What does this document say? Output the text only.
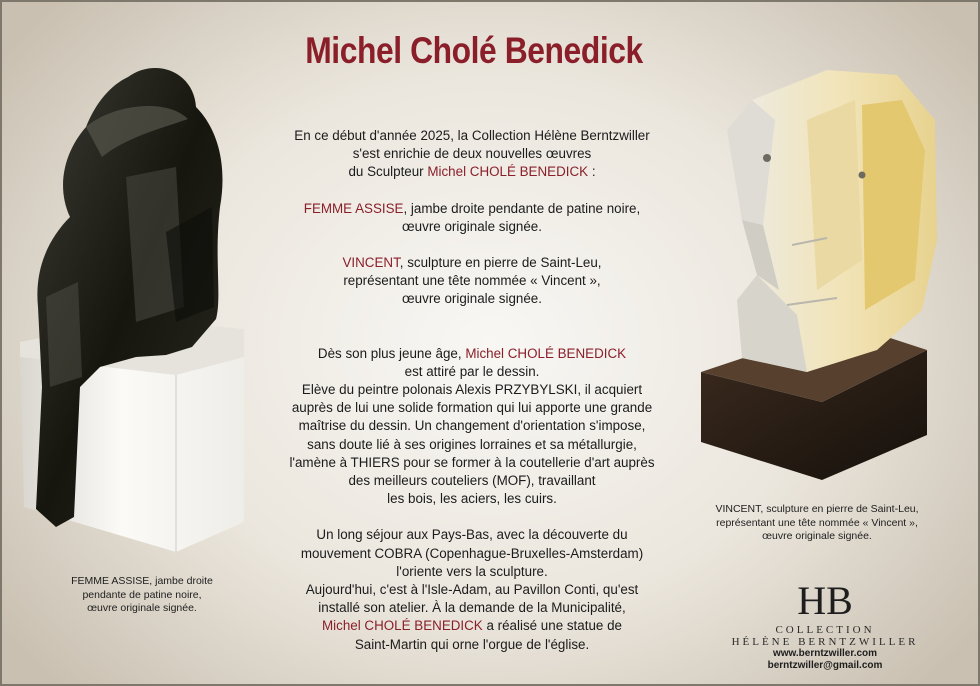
Michel Cholé Benedick

En ce début d'année 2025, la Collection Hélène Berntzwiller
s'est enrichie de deux nouvelles œuvres
du Sculpteur Michel CHOLÉ BENEDICK :

FEMME ASSISE, jambe droite pendante de patine noire,
œuvre originale signée.

VINCENT, sculpture en pierre de Saint-Leu,
représentant une tête nommée « Vincent »,
œuvre originale signée.

Dès son plus jeune âge, Michel CHOLÉ BENEDICK
est attiré par le dessin.
Elève du peintre polonais Alexis PRZYBYLSKI, il acquiert
auprès de lui une solide formation qui lui apporte une grande
maîtrise du dessin. Un changement d'orientation s'impose,
sans doute lié à ses origines lorraines et sa métallurgie,
l'amène à THIERS pour se former à la coutellerie d'art auprès
des meilleurs couteliers (MOF), travaillant
les bois, les aciers, les cuirs.

Un long séjour aux Pays-Bas, avec la découverte du
mouvement COBRA (Copenhague-Bruxelles-Amsterdam)
l'oriente vers la sculpture.
Aujourd'hui, c'est à l'Isle-Adam, au Pavillon Conti, qu'est
installé son atelier. À la demande de la Municipalité,
Michel CHOLÉ BENEDICK a réalisé une statue de
Saint-Martin qui orne l'orgue de l'église.

FEMME ASSISE, jambe droite
pendante de patine noire,
œuvre originale signée.
VINCENT, sculpture en pierre de Saint-Leu,
représentant une tête nommée « Vincent »,
œuvre originale signée.
HB
COLLECTION
HÉLÈNE BERNTZWILLER
www.berntzwiller.com
berntzwiller@gmail.com
